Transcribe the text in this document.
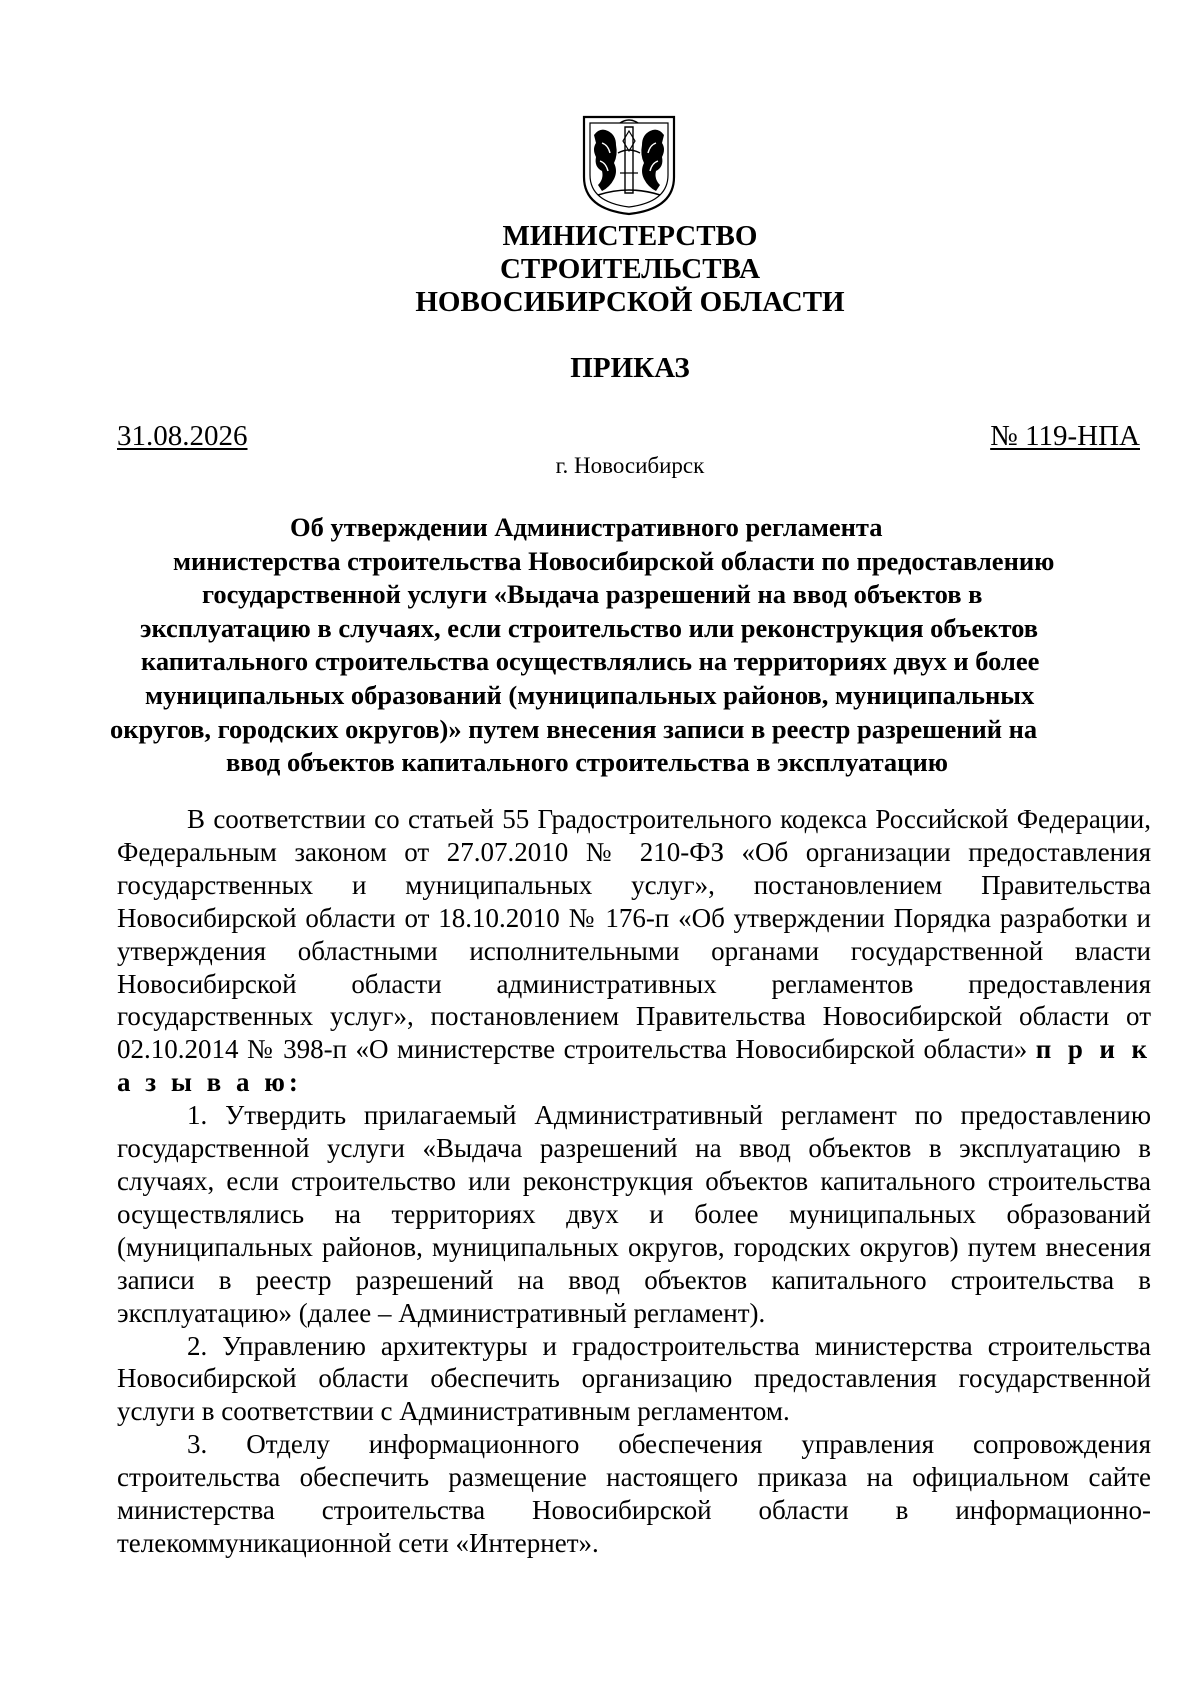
МИНИСТЕРСТВО
СТРОИТЕЛЬСТВА
НОВОСИБИРСКОЙ ОБЛАСТИ
ПРИКАЗ
31.08.2026	№ 119-НПА
г. Новосибирск
Об утверждении Административного регламента
министерства строительства Новосибирской области по предоставлению
государственной услуги «Выдача разрешений на ввод объектов в
эксплуатацию в случаях, если строительство или реконструкция объектов
капитального строительства осуществлялись на территориях двух и более
муниципальных образований (муниципальных районов, муниципальных
округов, городских округов)» путем внесения записи в реестр разрешений на
ввод объектов капитального строительства в эксплуатацию

В соответствии со статьей 55 Градостроительного кодекса Российской Федерации, Федеральным законом от 27.07.2010 № 210-ФЗ «Об организации предоставления государственных и муниципальных услуг», постановлением Правительства Новосибирской области от 18.10.2010 № 176-п «Об утверждении Порядка разработки и утверждения областными исполнительными органами государственной власти Новосибирской области административных регламентов предоставления государственных услуг», постановлением Правительства Новосибирской области от 02.10.2014 № 398-п «О министерстве строительства Новосибирской области» п р и к а з ы в а ю:

1. Утвердить прилагаемый Административный регламент по предоставлению государственной услуги «Выдача разрешений на ввод объектов в эксплуатацию в случаях, если строительство или реконструкция объектов капитального строительства осуществлялись на территориях двух и более муниципальных образований (муниципальных районов, муниципальных округов, городских округов) путем внесения записи в реестр разрешений на ввод объектов капитального строительства в эксплуатацию» (далее – Административный регламент).

2. Управлению архитектуры и градостроительства министерства строительства Новосибирской области обеспечить организацию предоставления государственной услуги в соответствии с Административным регламентом.

3. Отделу информационного обеспечения управления сопровождения строительства обеспечить размещение настоящего приказа на официальном сайте министерства строительства Новосибирской области в информационно-телекоммуникационной сети «Интернет».
